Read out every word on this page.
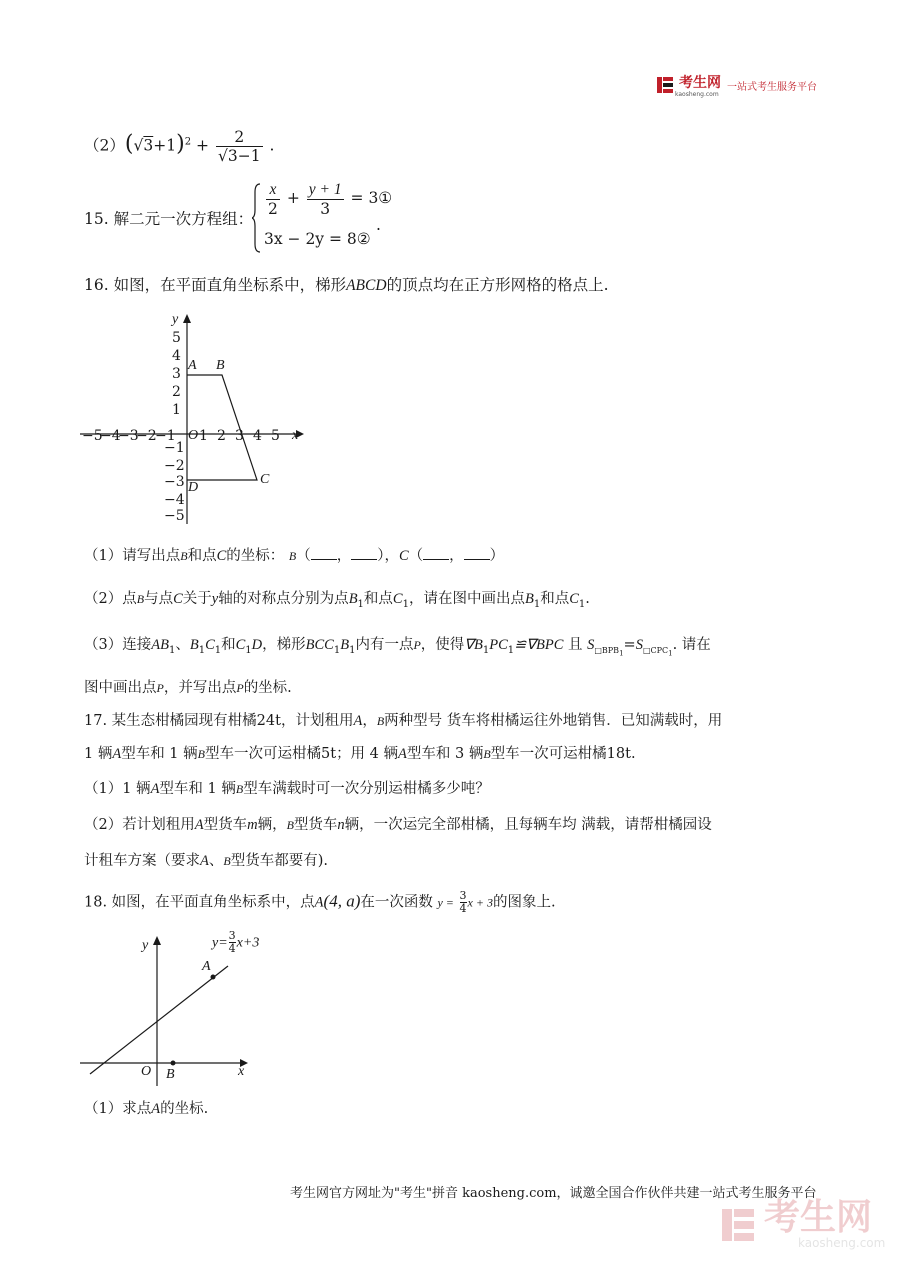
考生网
kaosheng.com
一站式考生服务平台
$(2)(√3+1)^2 + \frac{2}{√3-1}$ .
15. 解二元一次方程组：
$\frac{x}{2} + \frac{y + 1}{3}$ = 3①
3x − 2y = 8②
.
16. 如图，在平面直角坐标系中，梯形ABCD的顶点均在正方形网格的格点上.
y
x
O
A B
C
D
−5
−4
−3
−2
−1 1 2 3 4 5
5
4
3
2
1
−1
−2
−3
−4
−5
（1）请写出点B和点C的坐标： B（ ， ），C（ ， ）
（2）点B与点C关于y轴的对称点分别为点$B_1$和点$C_1$，请在图中画出点$B_1$和点$C_1$.
（3）连接$AB_1$、$B_1C_1$和$C_1D$，梯形$BCC_1B_1$内有一点P，使得$\nabla B_1PC_1≌\nabla BPC$ 且 $S_{□BPB_1}=S_{□CPC_1}$. 请在
图中画出点P，并写出点P的坐标.
17. 某生态柑橘园现有柑橘24t，计划租用A，B两种型号 货车将柑橘运往外地销售．已知满载时，用
1 辆A型车和 1 辆B型车一次可运柑橘5t；用 4 辆A型车和 3 辆B型车一次可运柑橘18t.
（1）1 辆A型车和 1 辆B型车满载时可一次分别运柑橘多少吨？
（2）若计划租用A型货车m辆，B型货车n辆，一次运完全部柑橘，且每辆车均 满载，请帮柑橘园设
计租车方案（要求A、B型货车都要有).
18. 如图，在平面直角坐标系中，点A(4, a)在一次函数 $y = \frac{3}{4}$ x + 3的图象上.
y
x
O B
A
$y= \frac{3}{4} x+3$
（1）求点A的坐标.
考生网官方网址为"考生"拼音 kaosheng.com，诚邀全国合作伙伴共建一站式考生服务平台
考生网
kaosheng.com
